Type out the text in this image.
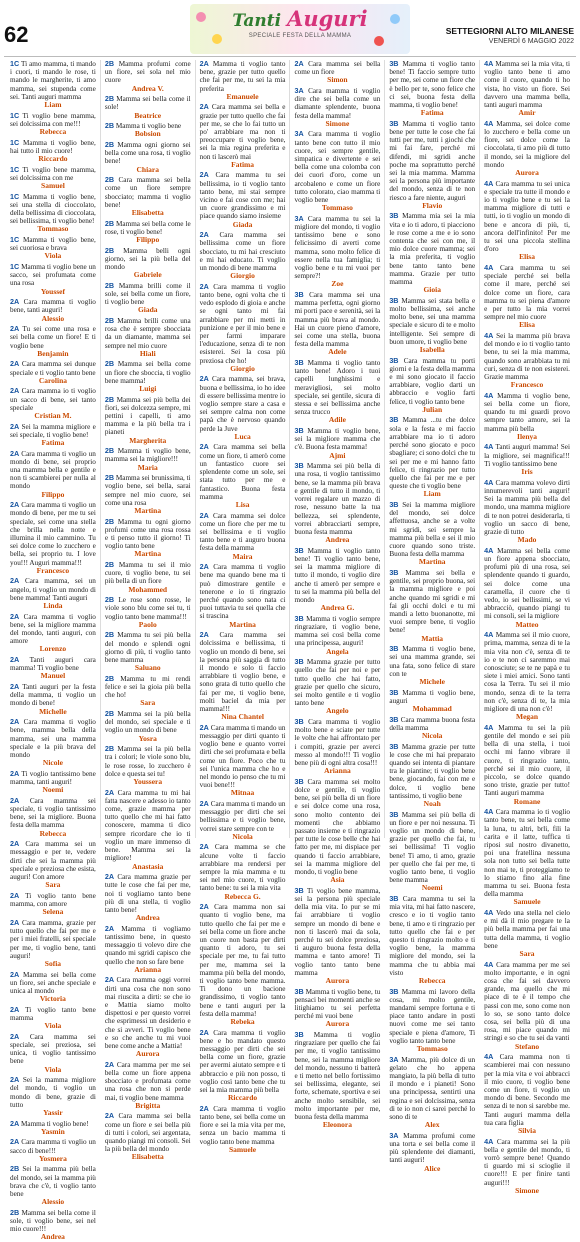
62
Tanti Auguri
SPECIALE FESTA DELLA MAMMA	SETTEGIORNI ALTO MILANESE
VENERDÌ 6 MAGGIO 2022

1C Ti amo mamma, ti mando i cuori, ti mando le rose, ti mando le margherite, ti amo mamma, sei stupenda come sei. Tanti auguri mamma
Liam

1C Ti voglio bene mamma, sei dolcissima con me!!!
Rebecca

1C Mamma ti voglio bene, hai tutto il mio cuore!
Riccardo

1C Ti voglio bene mamma, sei dolcissima con me
Samuel

1C Mamma ti voglio bene, sei una stella di cioccolato, della bellissima di cioccolata, sei bellissima, ti voglio bene!
Tommaso

1C Mamma ti voglio bene, sei cuoriosa e brava
Viola

1C Mamma ti voglio bene un sacco, sei profumata come una rosa
Youssef

2A Cara mamma ti voglio bene, tanti auguri!
Alessio

2A Tu sei come una rosa e sei bella come un fiore! E ti voglio bene
Benjamin

2A Cara mamma sei dunque speciale e ti voglio tanto bene
Carolina

2A Cara mamma io ti voglio un sacco di bene, sei tanto speciale
Cristian M.

2A Sei la mamma migliore e sei speciale, ti voglio bene!
Fatima

2A Cara mamma ti voglio un mondo di bene, sei proprio una mamma bella e gentile e non ti scambierei per nulla al mondo
Filippo

2A Cara mamma ti voglio un mondo di bene, per me tu sei speciale, sei come una stella che brilla nella notte e illumina il mio cammino. Tu sei dolce come lo zucchero e bella, sei proprio tu. I love you!!! Auguri mamma!!!
Francesco

2A Cara mamma, sei un angelo, ti voglio un mondo di bene mamma! Tanti auguri
Linda

2A Cara mamma ti voglio bene, sei la migliore mamma del mondo, tanti auguri, con amore
Lorenzo

2A Tanti auguri cara mamma! Ti voglio bene
Manuel

2A Tanti auguri per la festa della mamma, ti voglio un mondo di bene!
Michelle

2A Cara mamma ti voglio bene, mamma bella della mamma, sei una mamma speciale e la più brava del mondo
Nicole

2A Ti voglio tantissimo bene mamma, tanti auguri!
Noemi

2A Cara mamma sei speciale, ti voglio tantissimo bene, sei la migliore. Buona festa della mamma
Rebecca

2A Cara mamma sei un messaggio e per te, vedere dirti che sei la mamma più speciale e preziosa che esista, auguri! Con amore
Sara

2A Ti voglio tanto bene mamma, con amore
Selena

2A Cara mamma, grazie per tutto quello che fai per me e per i miei fratelli, sei speciale per me, ti voglio bene, tanti auguri!
Sofia

2A Mamma sei bella come un fiore, sei anche speciale e unica al mondo
Victoria

2A Ti voglio tanto bene mamma
Viola

2A Cara mamma sei speciale, sei preziosa, sei unica, ti voglio tantissimo bene
Viola

2A Sei la mamma migliore del mondo, ti voglio un mondo di bene, grazie di tutto
Yassir

2A Mamma ti voglio bene!
Yasmin

2A Cara mamma ti voglio un sacco di bene!!!
Yosmera

2B Sei la mamma più bella del mondo, sei la mamma più brava che c'è, ti voglio tanto bene
Alessio

2B Mamma sei bella come il sole, ti voglio bene, sei nel mio cuore!!!
Andrea

2B Mamma profumi come un fiore, sei sola nel mio cuore
Andrea V.

2B Mamma sei bella come il sole!
Beatrice

2B Mamma ti voglio bene
Bobsion

2B Mamma ogni giorno sei bella come una rosa, ti voglio bene!
Chiara

2B Cara mamma sei bella come un fiore sempre sbocciato; mamma ti voglio bene!
Elisabetta

2B Mamma sei bella come le rose, ti voglio bene!
Filippo

2B Mamma belli ogni giorno, sei la più bella del mondo
Gabriele

2B Mamma brilli come il sole, sei bella come un fiore, ti voglio bene
Giada

2B Mamma brilli come una rosa che è sempre sbocciata da un diamante, mamma sei sempre nel mio cuore
Hiali

2B Mamma sei bella come un fiore che sboccia, ti voglio bene mamma!
Luigi

2B Mamma sei più bella dei fiori, sei dolcezza sempre, mi pettini i capelli, ti amo mamma e la più bella tra i pianeti
Margherita

2B Mamma ti voglio bene, mamma sei la migliore!!!
Maria

2B Mamma sei brunissima, ti voglio bene, sei bella, sarai sempre nel mio cuore, sei come una rosa
Martina

2B Mamma tu ogni giorno profumi come una rosa rossa e ti penso tutto il giorno! Ti voglio tanto bene
Martina

2B Mamma tu sei il mio cuore, ti voglio bene, tu sei più bella di un fiore
Mohammed

2B Le rose sono rosse, le viole sono blu come sei tu, ti voglio tanto bene mamma!!!
Paolo

2B Mamma tu sei più bella del mondo e splendi ogni giorno di più, ti voglio tanto bene mamma
Saluano

2B Mamma tu mi rendi felice e sei la gioia più bella che ho!
Sara

2B Mamma sei la più bella del mondo, sei speciale e ti voglio un mondo di bene
Yosra

2B Mamma sei la più bella tra i colori; le viole sono blu, le rose rosse, lo zucchero è dolce e questa sei tu!
Youssera

2A Cara mamma tu mi hai fatta nascere e adesso io tanto come, grazie mamma per tutto quello che mi hai fatto conoscere, mamma ti dico sempre ricordare che io ti voglio un mare immenso di bene. Mamma sei la migliore!
Anastasia

2A Cara mamma grazie per tutte le cose che fai per me, noi ti vogliamo tanto bene più di una stella, ti voglio tanto bene!
Andrea

2A Mamma ti vogliamo tantissimo bene, in questo messaggio ti volevo dire che quando mi sgridi capisco che quello che non so fare bene
Arianna

2A Cara mamma oggi vorrei dirti una cosa che non sono mai riuscita a dirti: se che io e Mattia siamo molto dispettosi e per questo vorrei che esprimessi un desiderio e che si avveri. Ti voglio bene e so che anche tu mi vuoi bene come anche a Mattia!
Aurora

2A Cara mamma per me sei bella come un fiore appena sbocciato e profumata come una rosa che non si perde mai, ti voglio bene mamma
Brigitta

2A Cara mamma sei bella come un fiore e sei bella più di tutti i colori, sei argentata, quando piangi mi consoli. Sei la più bella del mondo
Elisabetta

2A Mamma ti voglio tanto bene, grazie per tutto quello che fai per me, tu sei la mia preferita
Emanuele

2A Cara mamma sei bella e grazie per tutto quello che fai per me, se che lo fai tutto un po' arrabbiare ma non ti preoccupare ti voglio bene, sei la mia regina preferita e non ti lascerò mai
Fatima

2A Cara mamma tu sei bellissima, io ti voglio tanto tanto bene, mi stai sempre vicino e fai cose con me; hai un cuore grandissimo e mi piace quando siamo insieme
Giada

2A Cara mamma sei bellissima come un fiore sbocciato, tu mi hai cresciuto e mi hai educato. Ti voglio un mondo di bene mamma
Giorgio

2A Cara mamma ti voglio tanto bene, ogni volta che ti vedo esplodo di gioia e anche se ogni tanto mi fai arrabbiare per mi metti in punizione e per il mio bene e per farmi imparare l'educazione, senza di te non esisterei. Sei la cosa più preziosa che ho!
Giorgio

2A Cara mamma, sei brava, buona e bellissima, io ho idee di essere bellissima mentre io voglio sempre stare a casa e sei sempre calma non come papà che è nervoso quando perde la Juve
Luca

2A Cara mamma sei bella come un fiore, ti amerò come un fantastico cuore sei splendente come un sole, sei stata tutto per me e fantastico. Buona festa mamma
Lisa

2A Cara mamma sei dolce come un fiore che per me tu sei bellissima e ti voglio tanto bene e ti auguro buona festa della mamma
Maira

2A Cara mamma ti voglio bene ma quando bene ma ti può dimostrare gentile e tenerone e io ti ringrazio perché quando sono nata ci puoi tuttavia tu sei quella che si trascina
Martina

2A Cara mamma sei dolcissima e bellissima, ti voglio un mondo di bene, sei la persona più saggia di tutto il mondo e solo ti faccio arrabbiare ti voglio bene, e sono grata di tutto quello che fai per me, ti voglio bene, molti baciel da mia per mamma!!!
Nina Chantel

2A Cara mamma ti mando un messaggio per dirti quanto ti voglio bene e quanto vorrei dirti che sei profumata e bella come un fiore. Poco che tu sei l'unica mamma che ho e nel mondo io penso che tu mi vuoi bene!!!
Mitnaa

2A Cara mamma ti mando un messaggio per dirti che sei bellissima e ti voglio bene, vorrei stare sempre con te
Nicola

2A Cara mamma se che alcune volte ti faccio arrabbiare ma rendersi per sempre la mia mamma e tu sei nel mio cuore, ti voglio tanto bene: tu sei la mia vita
Rebecca G.

2A Cara mamma non sai quanto ti voglio bene, ma tutto quello che fai per me e sei bella come un fiore anche un cuore non basta per dirti quanto ti adoro, tu sei speciale per me, tu fai tutto per me, mamma sei la mamma più bella del mondo, ti voglio tanto bene mamma. Ti dono un bacione grandissimo, ti voglio tanto bene e tanti auguri per la festa della mamma!
Rebeka

2A Cara mamma ti voglio bene e ho mandato questo messaggio per dirti che sei bella come un fiore, grazie per avermi aiutato sempre e ti abbraccio e più non posso, ti voglio così tanto bene che tu sei la mia mamma più bella
Riccardo

2A Cara mamma ti voglio tanto bene, sei bella come un fiore e sei la mia vita per me, senza un bacio mamma ti voglio tanto bene mamma
Samuele

2A Cara mamma sei bella come un fiore
Simon

3A Cara mamma ti voglio dire che sei bella come un diamante splendente, buona festa della mamma!
Simone

3A Cara mamma ti voglio tanto bene con tutto il mio cuore, sei sempre gentile, simpatica e divertente e sei bella come una colomba con dei cuori d'oro, come un arcobaleno e come un fiore tutto colorato, ciao mamma ti voglio bene
Tommaso

3A Cara mamma tu sei la migliore del mondo, ti voglio tantissimo bene e sono felicissimo di averti come mamma, sono molto felice di essere nella tua famiglia; ti voglio bene e tu mi vuoi per sempre?!
Zoe

3B Cara mamma sei una mamma perfetta, ogni giorno mi porti pace e serenità, sei la mamma più brava al mondo. Hai un cuore pieno d'amore, sei come una stella, buona festa della mamma
Adele

3B Mamma ti voglio tanto tanto bene! Adoro i tuoi capelli lunghissimi e meravigliosi, sei molto speciale, sei gentile, sicura di stessa e sei bellissima anche senza trucco
Adile

3B Mamma ti voglio bene, sei la migliore mamma che c'è. Buona festa mamma!
Ajmi

3B Mamma sei più bella di una rosa, ti voglio tantissimo bene, se la mamma più brava e gentile di tutto il mondo, ti vorrei regalare un mazzo di rose, nessuno batte la tua bellezza, sei splendente, vorrei abbracciarti sempre, buona festa mamma
Andrea

3B Mamma ti voglio tanto bene! Ti voglio tanto bene, sei la mamma migliore di tutto il mondo, ti voglio dire anche ti amerò per sempre e tu sei la mamma più bella del mondo
Andrea G.

3B Mamma ti voglio sempre ringraziare, ti voglio bene, mamma sei così bella come una principessa, auguri!
Angela

3B Mamma grazie per tutto quello che fai per noi e per tutto quello che hai fatto, grazie per quello che sicuro, sei molto gentile e ti voglio tanto bene
Angelo

3B Cara mamma ti voglio molto bene e sciate per tutte le volte che hai affrontato per i compiti, grazie per averci messo al mondo!!! Ti voglio bene più di ogni altra cosa!!!
Arianna

3B Cara mamma sei molto dolce e gentile, ti voglio bene, sei più bella di un fiore e sei dolce come una rosa, sono molto contento dei momenti che abbiamo passato insieme e ti ringrazio per tutte le cose belle che hai fatto per me, mi dispiace per quando ti faccio arrabbiare, sei la mamma migliore del mondo, ti voglio bene
Asia

3B Ti voglio bene mamma, sei la persona più speciale della mia vita. Io pur se mi fai arrabbiare ti voglio sempre un mondo di bene e non ti lascerò mai da sola, perché tu sei dolce preziosa, ti auguro buona festa della mamma e tanto amore! Ti voglio tanto tanto bene mamma
Aurora

3B Mamma ti voglio bene, tu pensaci bei momenti anche se litighiamo tu sei perfetta perché mi vuoi bene
Aurora

3B Mamma ti voglio ringraziare per quello che fai per me, ti voglio tantissimo bene, sei la mamma migliore del mondo, nessuno ti batterà e ti metto nel bello fortissimo sei bellissima, elegante, sei forte, schemate, sportiva e sei anche molto sensibile, sei molto importante per me, buona festa della mamma
Eleonora

3B Mamma ti voglio tanto bene! Ti faccio sempre tutto per me, sei come un fiore che è bello per te, sono felice che ci sei, buona festa della mamma, ti voglio bene!
Fatima

3B Mamma ti voglio tanto bene per tutte le cose che fai tutti per me, tutti i giochi che mi fai fare, perché mi difendi, mi sgridi anche poche ma soprattutto perché sei la mia mamma. Mamma sei la persona più importante del mondo, senza di te non riesco a fare niente, auguri
Flavio

3B Mamma mia sei la mia vita e io ti adoro, ti piacciono le rose come a me e io sono contenta che sei con me, il mio dolce cuore mamma; sei la mia preferita, ti voglio bene tanto tanto bene mamma. Grazie per tutto mamma
Gioia

3B Mamma sei stata bella e molto bellissima, sei anche molto bene, sei una mamma speciale e sicuro di te e molto intelligente. Sei sempre di buon umore, ti voglio bene
Isabella

3B Cara mamma tu porti giorni e la festa della mamma e mi sono giocato il faccio arrabbiare, voglio darti un abbraccio e voglio farti felice, ti voglio tanto bene
Julian

3B Mamma ...tu che dolce sola e la festa e mi faccio arrabbiare ma io ti adoro perché sono giocato e poco sbagliare; ci sono dolci che tu sei per me e mi hanno fatto felice, ti ringrazio per tutto quello che fai per me e per queste che ti voglio bene
Liam

3B Sei la mamma migliore del mondo, sei dolce affettuosa, anche se a volte mi sgridi, sei sempre la mamma più bella e sei il mio cuore quando sono triste. Buona festa della mamma
Martina

3B Mamma sei bella e gentile, sei proprio buona, sei la mamma migliore e poi anche quando mi sgridi e mi fai gli occhi dolci e tu mi mandi a letto buonanotte, mi vuoi sempre bene, ti voglio bene!
Mattia

3B Mamma ti voglio bene, sei una mamma grande, sei una fata, sono felice di stare con te
Michele

3B Mamma ti voglio bene, auguri
Mohammad

3B Cara mamma buona festa della mamma
Nicola

3B Mamma grazie per tutte le cose che mi hai preparato quando sei intenta di piantare tra le piantine; ti voglio bene bene, giocando, fai con me e dolce, ti voglio bene tantissimo, ti voglio bene
Noah

3B Mamma sei più bella di un fiore e per noi nessuna. Ti voglio un mondo di bene, grazie per quello che fai, tu sei bellissima! Ti voglio bene! Ti amo, ti amo, grazie per quello che fai per me, ti voglio tanto bene, ti voglio bene mamma
Noemi

3B Cara mamma tu sei la mia vita, mi hai fatto nascere, cresco e io ti voglio tanto bene, ti amo e ti ringrazio per tutto quello che fai e per questo ti ringrazio molto e ti voglio bene, la mamma migliore del mondo, sei la mamma che tu abbia mai visto
Rebecca

3B Mamma mi lavoro della cosa, mi molto gentile, mandami sempre fortuna e ti piace tanto andare in posti nuovi come me sei tanto speciale e piena d'amore, Ti voglio tanto tanto bene
Tommaso

3A Mamma, più dolce di un gelato che ho appena mangiato, la più bella di tutto il mondo e i pianeti! Sono una principessa, sentirti una regina e sei dolcissima, senza di te io non ci sarei perché lo sono di te
Alex

3A Mamma profumi come una torta e sei bella come il più splendente dei diamanti, tanti auguri!
Alice

4A Mamma sei la mia vita, ti voglio tanto bene ti amo come il cuore, quando ti ho vista, ho visto un fiore. Sei davvero una mamma bella, tanti auguri mamma
Amir

4A Mamma, sei dolce come lo zucchero e bella come un fiore, sei dolce come la cioccolata, ti amo più di tutto il mondo, sei la migliore del mondo
Aurora

4A Cara mamma tu sei unica e speciale tra tutte il mondo e io ti voglio bene e tu sei la mamma migliore di tutti e tutti, io ti voglio un mondo di bene e ancora di più, ti, ancora dell'infinito! Per me tu sei una piccola stellina d'oro
Elisa

4A Cara mamma tu sei speciale perché sei bella come il mare, perché sei dolce come un fiore, cara mamma tu sei piena d'amore e per tutto la mia vorrei sempre nel mio cuore
Elisa

4A Sei la mamma più brava del mondo e io ti voglio tanto bene, tu sei la mia mamma, quando sono arrabbiata tu mi curi, senza di te non esisterei. Grazie mamma
Francesco

4A Mamma ti voglio bene, sei bella come un fiore, quando tu mi guardi provo sempre tanto amore, sei la mamma più bella
Ilenya

4A Tanti auguri mamma! Sei la migliore, sei magnifica!!! Ti voglio tantissimo bene
Iris

4A Cara mamma volevo dirti innumerevoli tanti auguri! Sei la mamma più bella del mondo, una mamma migliore di te non potrei desiderarla, ti voglio un sacco di bene, grazie di tutto
Mado

4A Mamma sei bella come un fiore appena sbocciato, profumi più di una rosa, sei splendente quando ti guardo, sei dolce come una caramella, il cuore che ti vedo, io sei bellissimi, se vi abbracciò, quando piangi tu mi consoli, sei la migliore
Matteo

4A Mamma sei il mio cuore, prima, mamma, senza di te la mia vita non c'è, senza di te io e te non ci saremmo mai conosciute; se te ne papà e tu siete i miei amici. Sono tanti cosa la Terra. Tu sei il mio mondo, senza di te la terra non c'è, senza di te, la mia migliore di una non c'è!
Megan

4A Mamma tu sei la più gentile del mondo e sei più bella di una stella, i tuoi occhi mi fanno vibrare il cuore, ti ringrazio tanto, perché sei il mio cuore, il piccolo, se dolce quando sono triste, grazie per tutto! Tanti auguri mamma
Romane

4A Cara mamma io ti voglio tanto bene, tu sei bella come la luna, tu altri, brli, fili la carita e il latte, tuffica ti riposi sul nostro divanetto, poi una fratellina nessuna sola non tutto sei bella tutte non mai te, ti proteggiamo te lo stiamo fino alla fine mamma tu sei. Buona festa della mamma
Samuele

4A Vedo una stella nel cielo e mi dà il mio pregare te la più bella mamma per fai una tutta della mamma, ti voglio bene
Sara

4A Cara mamma per me sei molto importante, e in ogni cosa che fai sei davvero grande, ma quello che mi piace di te è il tempo che passi con me, sono come non lo so, se sono tanto dolce cosa, sei bella più di una rosa, mi piace quando mi stringi e so che tu sei da vanti
Stefano

4A Cara mamma non ti scambierei mai con nessuno per la mia vita e voi abbracci il mio cuore, ti voglio bene come un fiore, ti voglio un mondo di bene. Secondo me senza di te non si sarebbe me. Tanti auguri mamma della tua cara figlia
Silvia

4A Cara mamma sei la più bella e gentile del mondo, ti vorrò sempre bene! Quando ti guardo mi si scioglie il cuore!!! E per finire tanti auguri!!!
Simone
